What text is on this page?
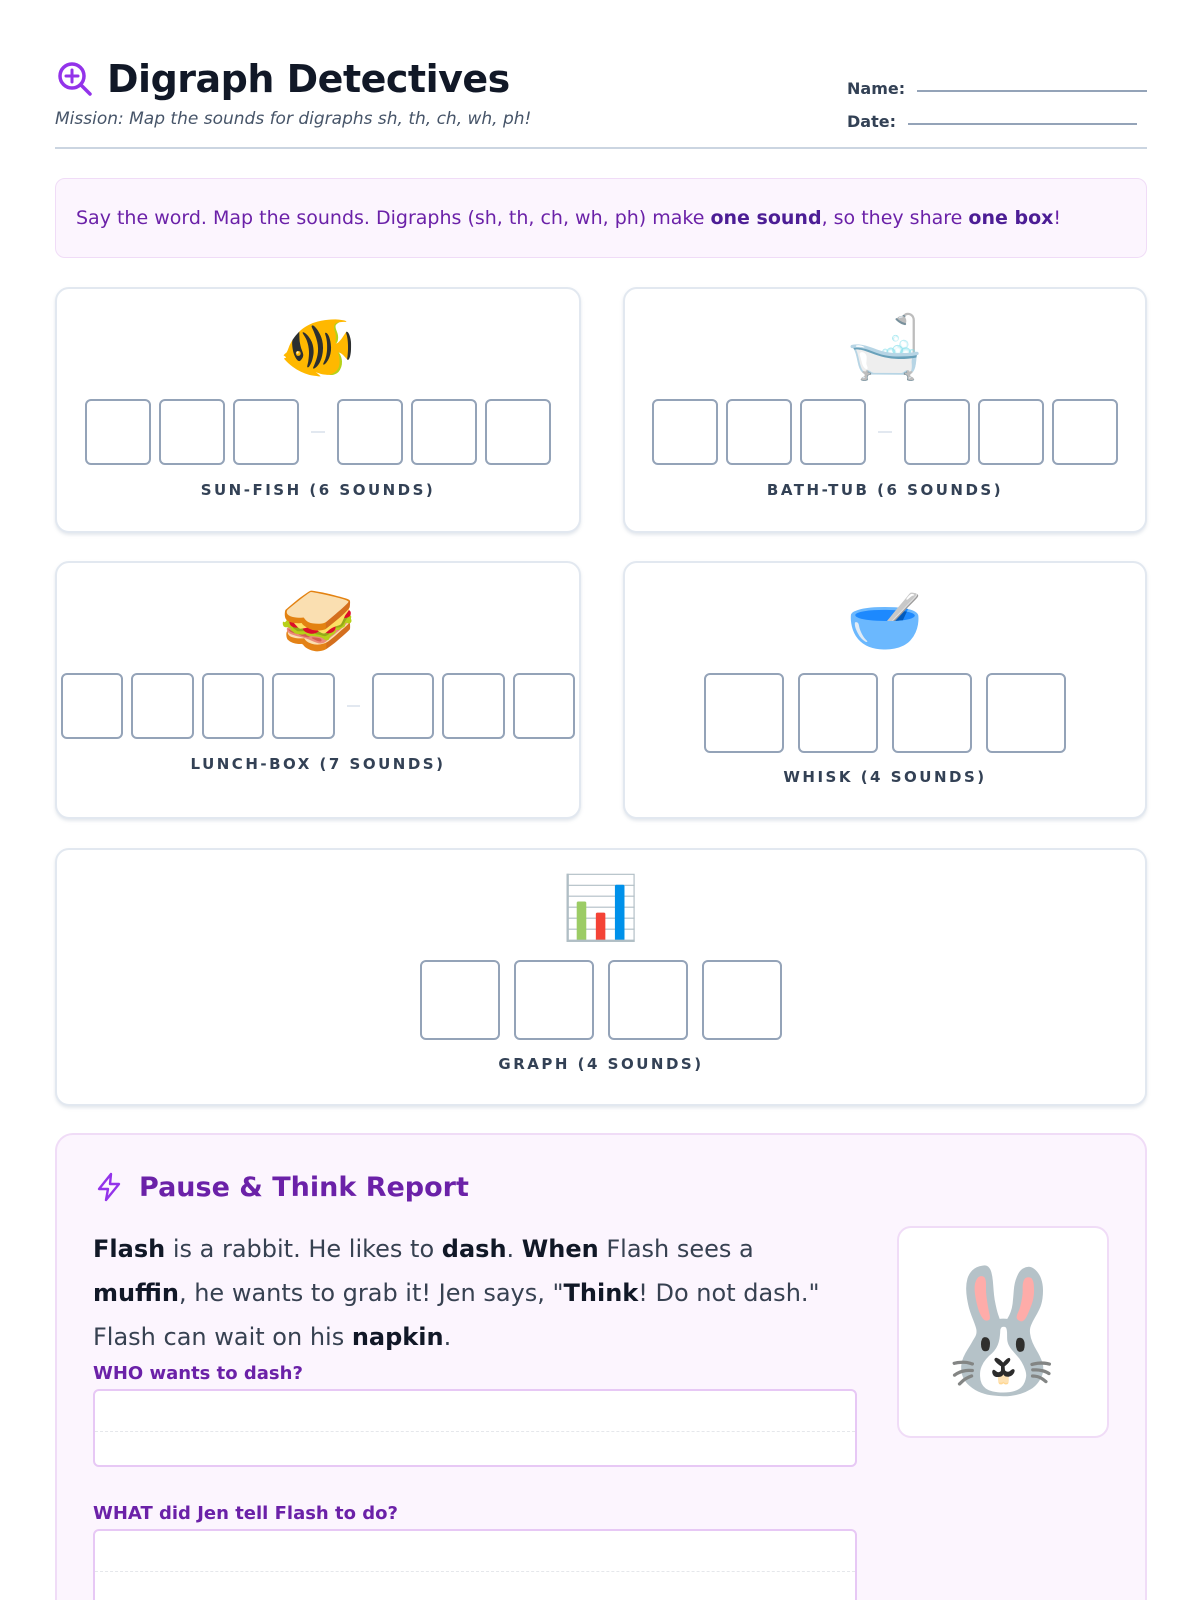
Digraph Detectives
Mission: Map the sounds for digraphs sh, th, ch, wh, ph!
Name:
Date:
Say the word. Map the sounds. Digraphs (sh, th, ch, wh, ph) make one sound, so they share one box!
🐠
SUN-FISH (6 SOUNDS)
🛁
BATH-TUB (6 SOUNDS)
🥪
LUNCH-BOX (7 SOUNDS)
🥣
WHISK (4 SOUNDS)
📊
GRAPH (4 SOUNDS)
Pause & Think Report

Flash is a rabbit. He likes to dash. When Flash sees a muffin, he wants to grab it! Jen says, "Think! Do not dash." Flash can wait on his napkin.	🐰
WHO wants to dash?
WHAT did Jen tell Flash to do?
